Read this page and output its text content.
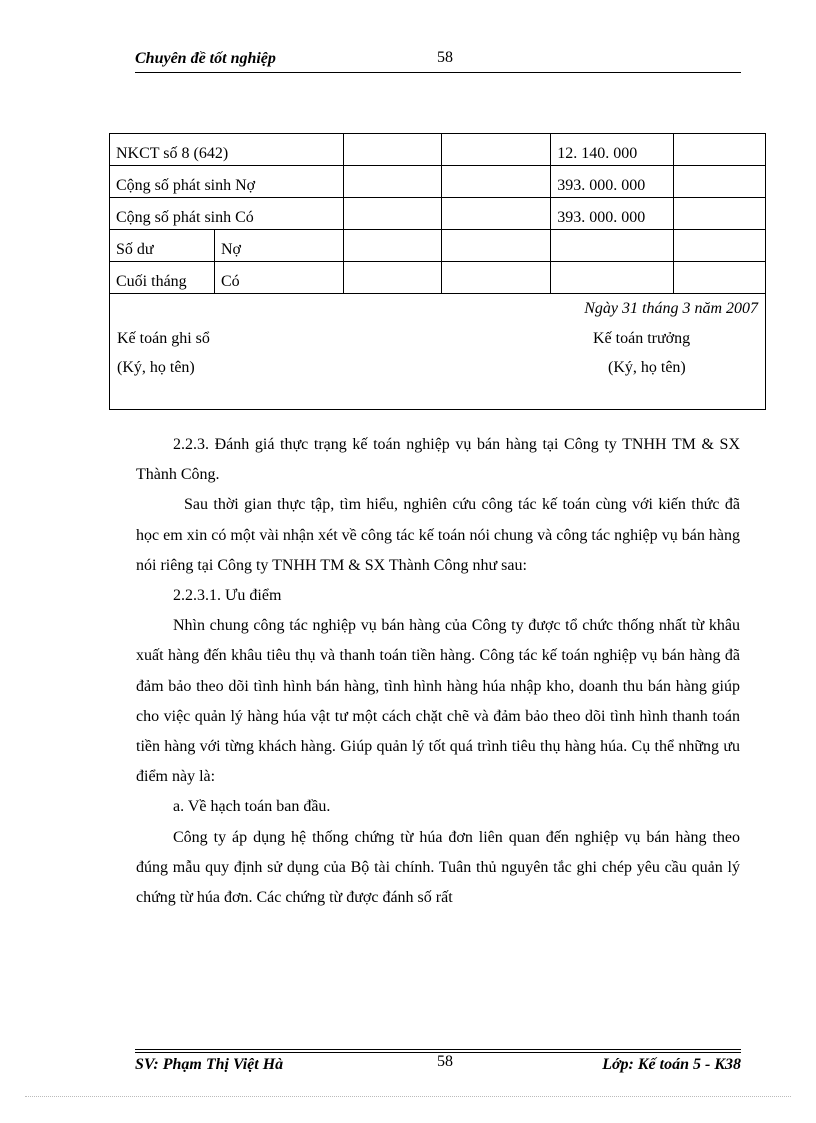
Chuyên đề tốt nghiệp	58
NKCT số 8 (642)				12. 140. 000	
Cộng số phát sinh Nợ				393. 000. 000	
Cộng số phát sinh Có				393. 000. 000	
Số dư	Nợ				
Cuối tháng	Có				

Ngày 31 tháng 3 năm 2007
Kế toán ghi sổ
(Ký, họ tên)
Kế toán trưởng
(Ký, họ tên)					

2.2.3. Đánh giá thực trạng kế toán nghiệp vụ bán hàng tại Công ty TNHH TM & SX Thành Công.

Sau thời gian thực tập, tìm hiểu, nghiên cứu công tác kế toán cùng với kiến thức đã học em xin có một vài nhận xét về công tác kế toán nói chung và công tác nghiệp vụ bán hàng nói riêng tại Công ty TNHH TM & SX Thành Công như sau:

2.2.3.1. Ưu điểm

Nhìn chung công tác nghiệp vụ bán hàng của Công ty được tổ chức thống nhất từ khâu xuất hàng đến khâu tiêu thụ và thanh toán tiền hàng. Công tác kế toán nghiệp vụ bán hàng đã đảm bảo theo dõi tình hình bán hàng, tình hình hàng húa nhập kho, doanh thu bán hàng giúp cho việc quản lý hàng húa vật tư một cách chặt chẽ và đảm bảo theo dõi tình hình thanh toán tiền hàng với từng khách hàng. Giúp quản lý tốt quá trình tiêu thụ hàng húa. Cụ thể những ưu điểm này là:

a. Về hạch toán ban đầu.

Công ty áp dụng hệ thống chứng từ húa đơn liên quan đến nghiệp vụ bán hàng theo đúng mẫu quy định sử dụng của Bộ tài chính. Tuân thủ nguyên tắc ghi chép yêu cầu quản lý chứng từ húa đơn. Các chứng từ được đánh số rất

SV: Phạm Thị Việt Hà	58	Lớp: Kế toán 5 - K38
